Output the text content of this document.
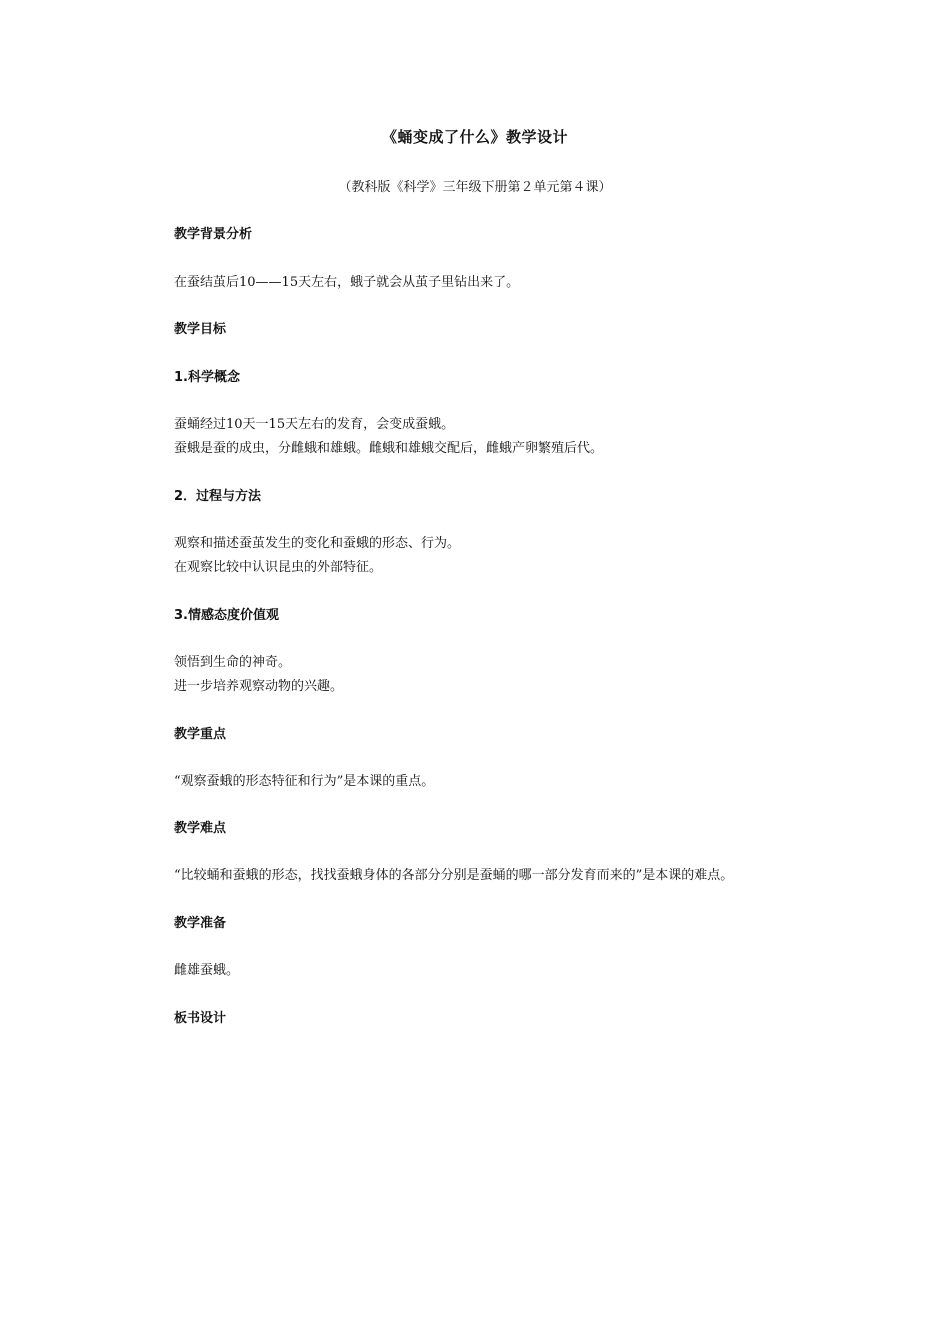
《蛹变成了什么》教学设计
（教科版《科学》三年级下册第２单元第４课）
教学背景分析
在蚕结茧后10——15天左右，蛾子就会从茧子里钻出来了。
教学目标
1.科学概念
蚕蛹经过10天一15天左右的发育，会变成蚕蛾。
蚕蛾是蚕的成虫，分雌蛾和雄蛾。雌蛾和雄蛾交配后，雌蛾产卵繁殖后代。
2．过程与方法
观察和描述蚕茧发生的变化和蚕蛾的形态、行为。
在观察比较中认识昆虫的外部特征。
3.情感态度价值观
领悟到生命的神奇。
进一步培养观察动物的兴趣。
教学重点
“观察蚕蛾的形态特征和行为”是本课的重点。
教学难点
“比较蛹和蚕蛾的形态，找找蚕蛾身体的各部分分别是蚕蛹的哪一部分发育而来的”是本课的难点。
教学准备
雌雄蚕蛾。
板书设计
